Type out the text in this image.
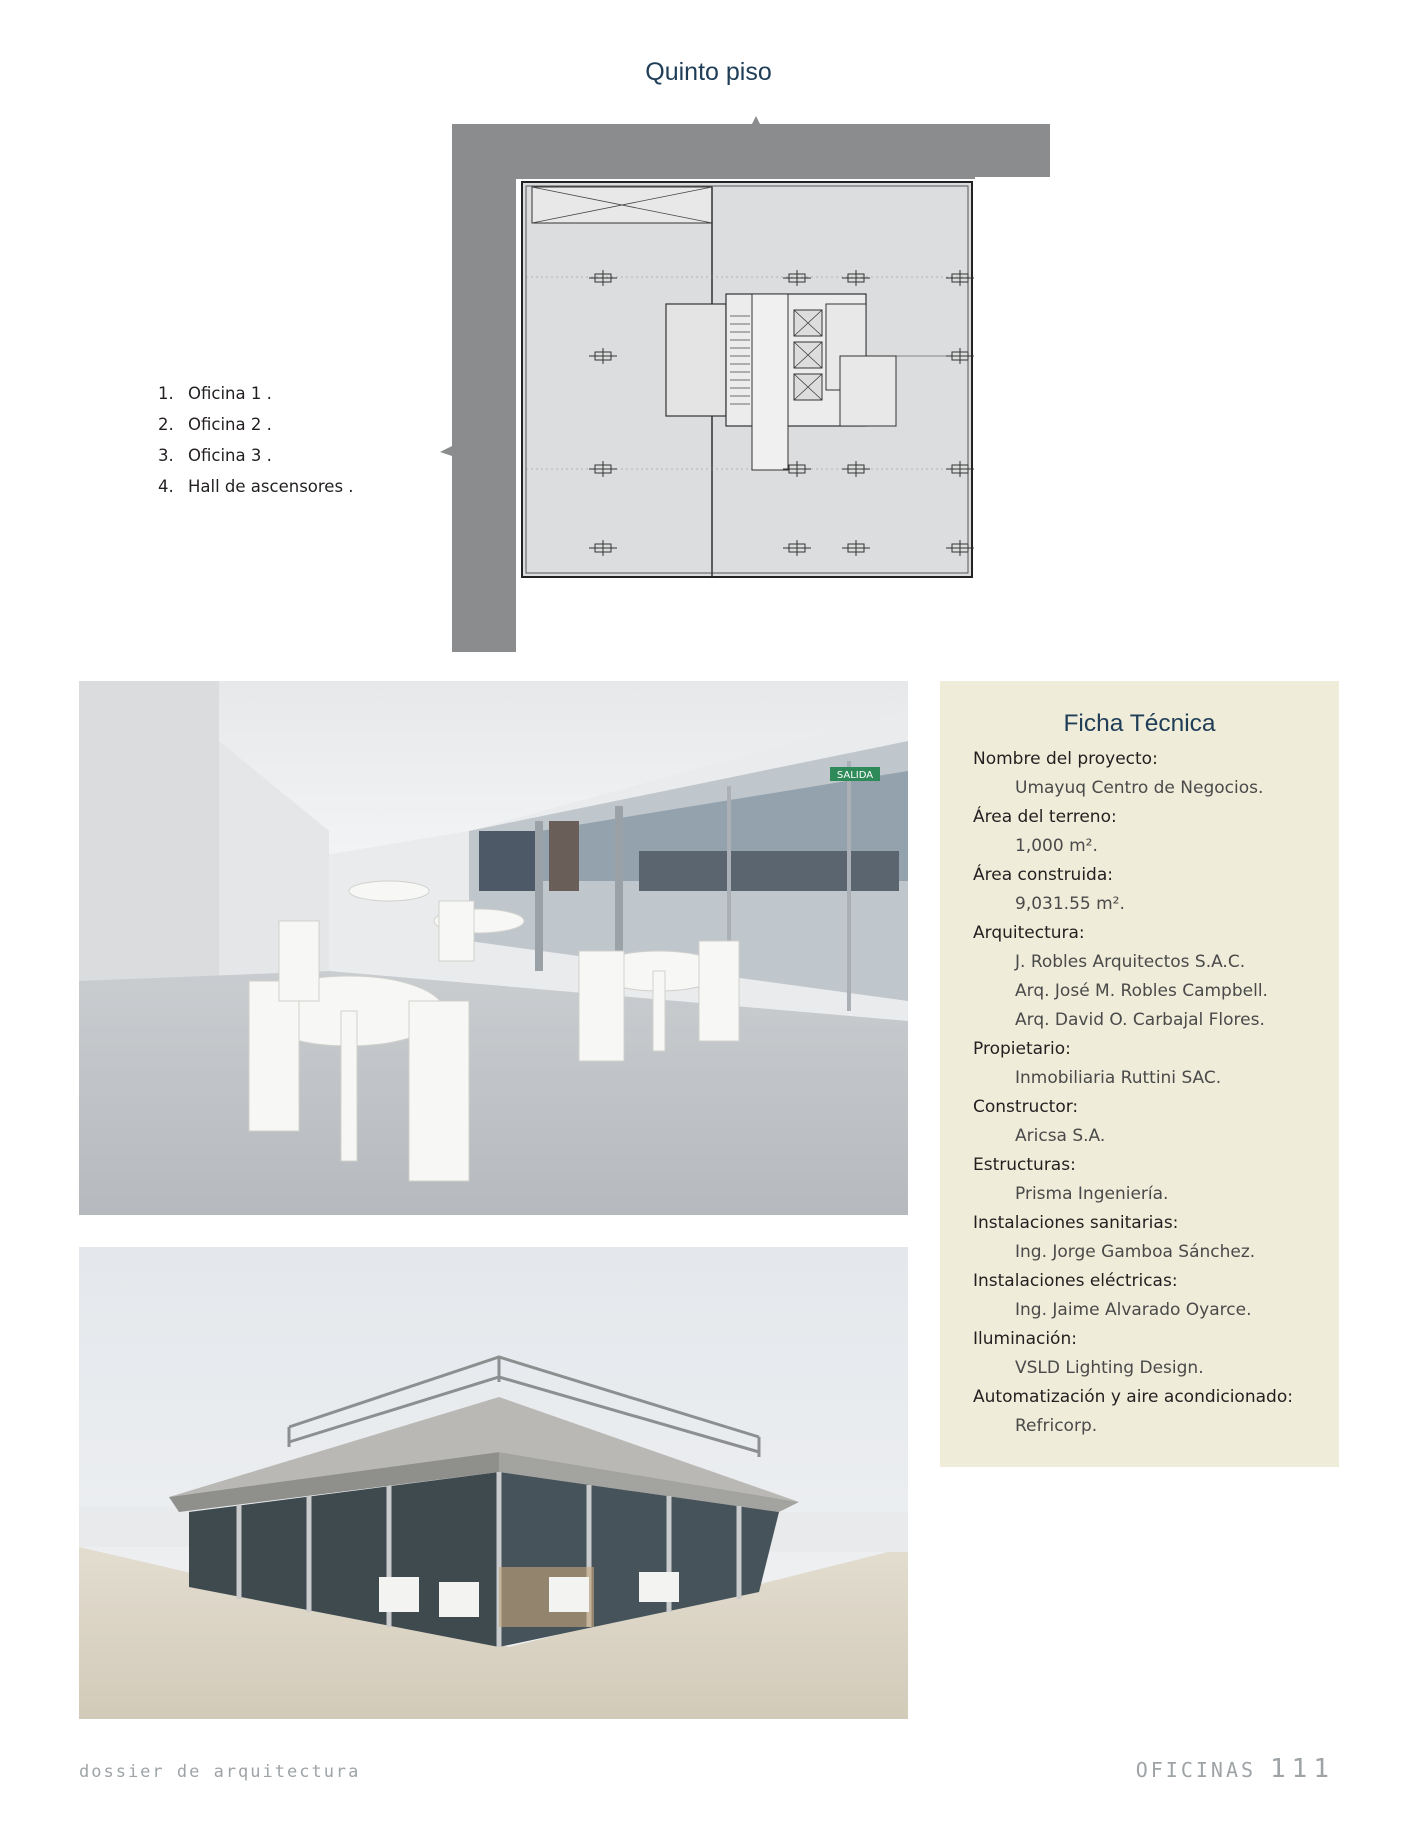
Quinto piso
1. Oficina 1 .
2. Oficina 2 .
3. Oficina 3 .
4. Hall de ascensores .
SALIDA
Ficha Técnica
Nombre del proyecto:
Umayuq Centro de Negocios.
Área del terreno:
1,000 m².
Área construida:
9,031.55 m².
Arquitectura:
J. Robles Arquitectos S.A.C.
Arq. José M. Robles Campbell.
Arq. David O. Carbajal Flores.
Propietario:
Inmobiliaria Ruttini SAC.
Constructor:
Aricsa S.A.
Estructuras:
Prisma Ingeniería.
Instalaciones sanitarias:
Ing. Jorge Gamboa Sánchez.
Instalaciones eléctricas:
Ing. Jaime Alvarado Oyarce.
Iluminación:
VSLD Lighting Design.
Automatización y aire acondicionado:
Refricorp.
dossier de arquitectura	OFICINAS 111
